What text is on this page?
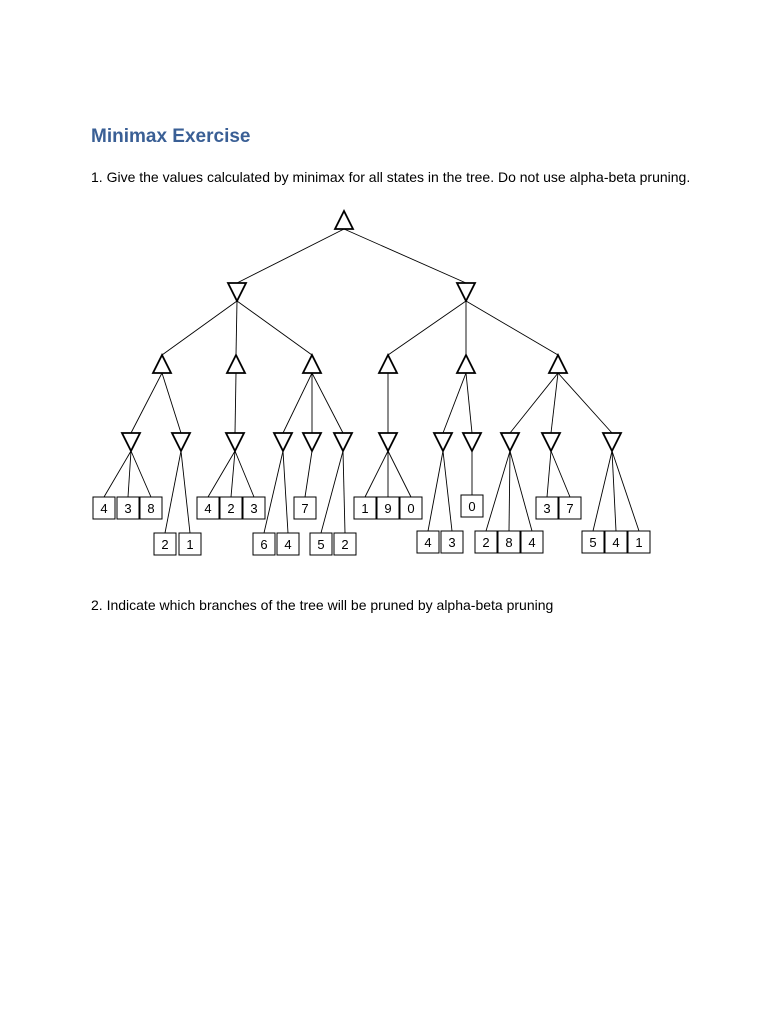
Minimax Exercise

1. Give the values calculated by minimax for all states in the tree. Do not use alpha-beta pruning.

4 3 8
2 1
4 2 3
6 4
7
5 2
1 9 0
4 3
0
2 8 4
3 7
5 4 1

2. Indicate which branches of the tree will be pruned by alpha-beta pruning
